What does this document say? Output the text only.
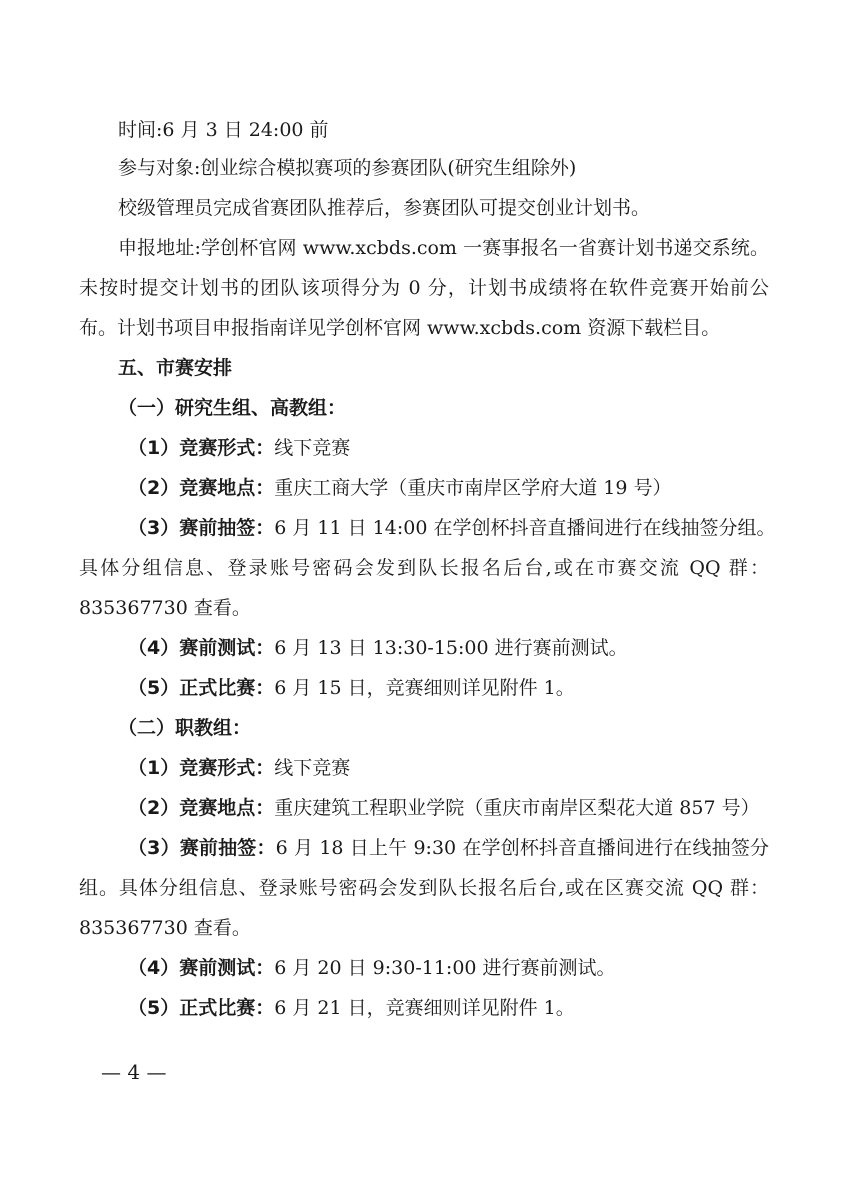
时间:6 月 3 日 24:00 前
参与对象:创业综合模拟赛项的参赛团队(研究生组除外)
校级管理员完成省赛团队推荐后，参赛团队可提交创业计划书。
申报地址:学创杯官网 www.xcbds.com 一赛事报名一省赛计划书递交系统。
未按时提交计划书的团队该项得分为 0 分，计划书成绩将在软件竞赛开始前公
布。计划书项目申报指南详见学创杯官网 www.xcbds.com 资源下载栏目。
五、市赛安排
（一）研究生组、高教组：
（1）竞赛形式：线下竞赛
（2）竞赛地点：重庆工商大学（重庆市南岸区学府大道 19 号）
（3）赛前抽签：6 月 11 日 14:00 在学创杯抖音直播间进行在线抽签分组。
具体分组信息、登录账号密码会发到队长报名后台,或在市赛交流 QQ 群：
835367730 查看。
（4）赛前测试：6 月 13 日 13:30-15:00 进行赛前测试。
（5）正式比赛：6 月 15 日，竞赛细则详见附件 1。
（二）职教组：
（1）竞赛形式：线下竞赛
（2）竞赛地点：重庆建筑工程职业学院（重庆市南岸区梨花大道 857 号）
（3）赛前抽签：6 月 18 日上午 9:30 在学创杯抖音直播间进行在线抽签分
组。具体分组信息、登录账号密码会发到队长报名后台,或在区赛交流 QQ 群：
835367730 查看。
（4）赛前测试：6 月 20 日 9:30-11:00 进行赛前测试。
（5）正式比赛：6 月 21 日，竞赛细则详见附件 1。
— 4 —
